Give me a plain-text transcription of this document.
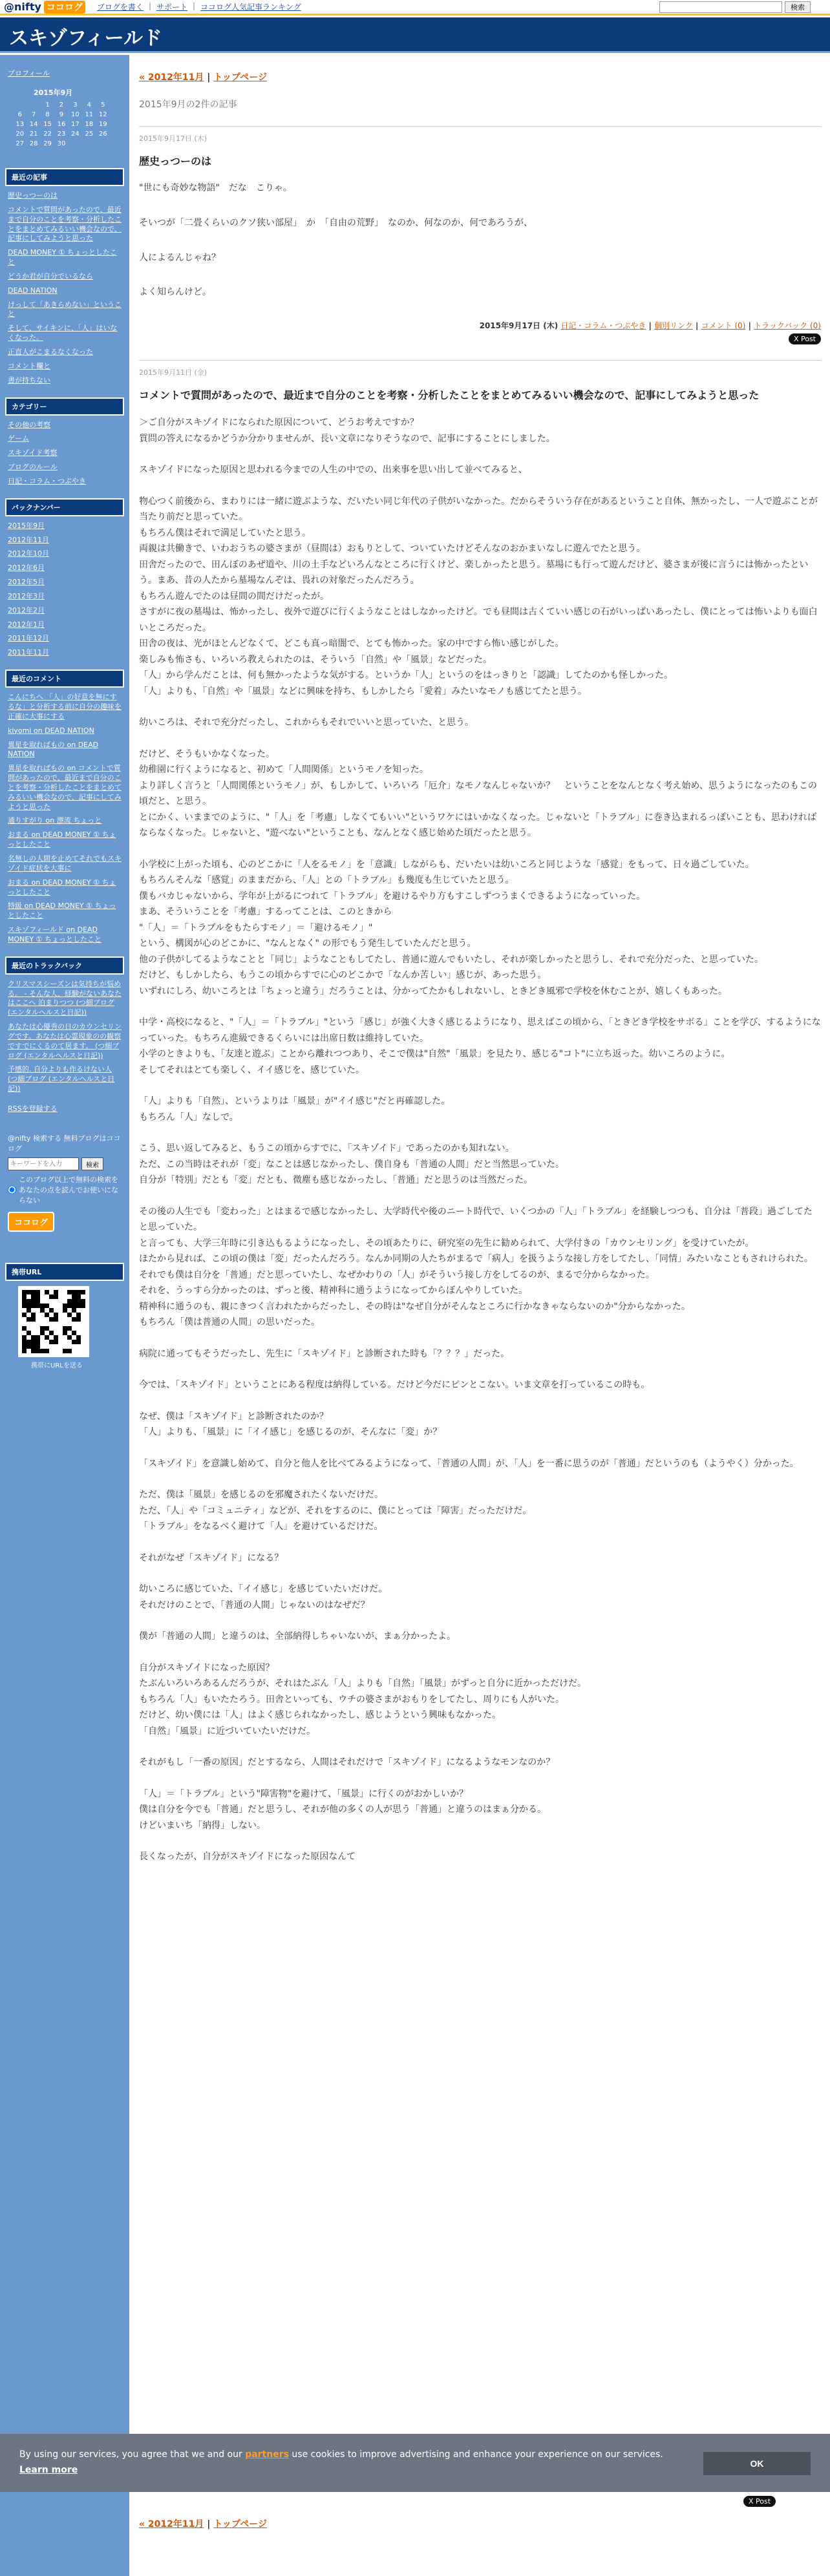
@nifty ココログ	ブログを書く | サポート | ココログ人気記事ランキング	検索
スキゾフィールド
プロフィール
2015年9月
		1	2	3	4	5
6	7	8	9	10	11	12
13	14	15	16	17	18	19
20	21	22	23	24	25	26
27	28	29	30			
最近の記事
歴史っつーのは
コメントで質問があったので、最近まで自分のことを考察・分析したことをまとめてみるいい機会なので、記事にしてみようと思った
DEAD MONEY ① ちょっとしたこと
どうか君が自分でいるなら
DEAD NATION
けっして「あきらめない」ということ
そして、サイキンに、「人」はいなくなった。
正直人がこまるなくなった
コメント欄と
書が持ちない
カテゴリー
その他の考察
ゲーム
スキゾイド考察
ブログのルール
日記・コラム・つぶやき
バックナンバー
2015年9月
2012年11月
2012年10月
2012年6月
2012年5月
2012年3月
2012年2月
2012年1月
2011年12月
2011年11月
最近のコメント
こんにちへ 「人」の好意を無にするな」と分析する前に自分の趣味を正確に大事にする
kiyomi on DEAD NATION
異星を取ればもの on DEAD NATION
異星を取ればもの on コメントで質問があったので、最近まで自分のことを考察・分析したことをまとめてみるいい機会なので、記事にしてみようと思った
通りすがり on 漂流 ちょっと
おまる on DEAD MONEY ① ちょっとしたこと
名無しの人間を止めてそれでもスキゾイド症状を大事に
おまる on DEAD MONEY ① ちょっとしたこと
特級 on DEAD MONEY ① ちょっとしたこと
スキゾフィールド on DEAD MONEY ① ちょっとしたこと
最近のトラックバック
クリスマスシーズンは気持ちが悩める。 - そんな人、経験がないあなたはここへ 泊まりつつ (つ細ブログ (エンタルヘルスと日記))
あなたは心優秀の日のカウンセリングです。あなたは心霊現象のの観察ですでにくるのて居ます。 (つ細ブログ (エンタルヘルスと日記))
予感的. 自分よりも作るけない人 (つ細ブログ (エンタルヘルスと日記))
RSSを登録する
@nifty 検索する 無料ブログはココログ
キーワードを入力
検索
このブログ以上で無料の検索をあなたの点を読んでお使いにならない
ココログ
携帯URL
携帯にURLを送る
« 2012年11月 | トップページ
2015年9月の2件の記事
2015年9月17日 (木)
歴史っつーのは
"世にも奇妙な物語"　だな　こりゃ。
そいつが「二畳くらいのクソ狭い部屋」　か　「自由の荒野」　なのか、何なのか、何であろうが、
人によるんじゃね？
よく知らんけど。
2015年9月17日 (木) 日記・コラム・つぶやき | 個別リンク | コメント (0) | トラックバック (0)
X Post
2015年9月11日 (金)
コメントで質問があったので、最近まで自分のことを考察・分析したことをまとめてみるいい機会なので、記事にしてみようと思った
＞ご自分がスキゾイドになられた原因について、どうお考えですか？
質問の答えになるかどうか分かりませんが、長い文章になりそうなので、記事にすることにしました。
スキゾイドになった原因と思われる今までの人生の中での、出来事を思い出して並べてみると、
物心つく前後から、まわりには一緒に遊ぶような、だいたい同じ年代の子供がいなかった。だからそういう存在があるということ自体、無かったし、一人で遊ぶことが当たり前だと思っていた。
もちろん僕はそれで満足していたと思う。
両親は共働きで、いわおうちの婆さまが（昼間は）おもりとして、ついていたけどそんなのおかまいなしに遊んでたと思う。
田舎だったので、田んぼのあぜ道や、川の土手などいろんなところに行くけど、楽しかったと思う。墓場にも行って遊んだけど、婆さまが後に言うには怖かったという。まあ、昔の人たから墓場なんぞは、畏れの対象だったんだろう。
もちろん遊んでたのは昼間の間だけだったが。
さすがに夜の墓場は、怖かったし、夜外で遊びに行くようなことはしなかったけど。でも昼間は古くていい感じの石がいっぱいあったし、僕にとっては怖いよりも面白いところだった。
田舎の夜は、光がほとんどなくて、どこも真っ暗闇で、とても怖かった。家の中ですら怖い感じがした。
楽しみも怖さも、いろいろ教えられたのは、そういう「自然」や「風景」などだった。
「人」から学んだことは、何も無かったような気がする。というか「人」というのをはっきりと「認識」してたのかも怪しかった。
「人」よりも、「自然」や「風景」などに興味を持ち、もしかしたら「愛着」みたいなモノも感じてたと思う。
幼いころは、それで充分だったし、これからもそれでいいと思っていた、と思う。
だけど、そうもいかなくなった。
幼稚園に行くようになると、初めて「人間関係」というモノを知った。
より詳しく言うと「人間関係というモノ」が、もしかして、いろいろ「厄介」なモノなんじゃないか？　ということをなんとなく考え始め、思うようになったのもこの頃だと、と思う。
とにかく、いままでのように、"「人」を「考慮」しなくてもいい"というワケにはいかなくなった。じゃないと「トラブル」に巻き込まれるっぽいことも、思わければならなくなった。じゃないと、"遊べない"ということも、なんとなく感じ始めた頃だったと思う。
小学校に上がった頃も、心のどこかに「人をるモノ」を「意識」しながらも、だいたいは幼いころと同じような「感覚」をもって、日々過ごしていた。
もちろんそんな「感覚」のままだから、「人」との「トラブル」も幾度も生じていたと思う。
僕もバカじゃないから、学年が上がるにつれて「トラブル」を避けるやり方もすこしずつうまくできるようになっていった。
まあ、そういうことを「考慮」するってことは、このときから
"「人」＝「トラブルをもたらすモノ」＝「避けるモノ」"
という、構図が心のどこかに、"なんとなく" の形でもう発生していたんだと思う。
他の子供がしてるようなことと「同じ」ようなこともしてたし、普通に遊んでもいたし、それが楽しかったと思うし、それで充分だった、と思っていた。
だけど、もしかしたら、もうこの頃からすでに心のどこかで「なんか苦しい」感じが、あった思う。
いずれにしろ、幼いころとは「ちょっと違う」だろうことは、分かってたかもしれないし、ときどき風邪で学校を休むことが、嬉しくもあった。
中学・高校になると、"「人」＝「トラブル」"という「感じ」が強く大きく感じるようになり、思えばこの頃から、「ときどき学校をサボる」ことを学び、するようになっていった。もちろん進級できるくらいには出席日数は維持していた。
小学のときよりも、「友達と遊ぶ」ことから離れつつあり、そこで僕は"自然"「風景」を見たり、感じる"コト"に立ち返った。幼いころのように。
そしてそれはとても楽しく、イイ感じを、感じていた。
「人」よりも「自然」、というよりは「風景」が"イイ感じ"だと再確認した。
もちろん「人」なしで。
こう、思い返してみると、もうこの頃からすでに、「スキゾイド」であったのかも知れない。
ただ、この当時はそれが「変」なことは感じなかったし、僕自身も「普通の人間」だと当然思っていた。
自分が「特別」だとも「変」だとも、微塵も感じなかったし、「普通」だと思うのは当然だった。
その後の人生でも「変わった」とはまるで感じなかったし、大学時代や後のニート時代で、いくつかの「人」「トラブル」を経験しつつも、自分は「普段」過ごしてたと思っていた。
と言っても、大学三年時に引き込もるようになったし、その頃あたりに、研究室の先生に勧められて、大学付きの「カウンセリング」を受けていたが。
ほたから見れば、この頃の僕は「変」だったんだろう。なんか同期の人たちがまるで「病人」を扱うような接し方をしてたし、「同情」みたいなこともされけられた。
それでも僕は自分を「普通」だと思っていたし、なぜかわりの「人」がそういう接し方をしてるのが、まるで分からなかった。
それを、うっすら分かったのは、ずっと後、精神科に通うようになってからぼんやりしていた。
精神科に通うのも、親にきつく言われたからだったし、その時は"なぜ自分がそんなところに行かなきゃならないのか"分からなかった。
もちろん「僕は普通の人間」の思いだった。
病院に通ってもそうだったし、先生に「スキゾイド」と診断された時も「？？？」だった。
今では、「スキゾイド」ということにある程度は納得している。だけど今だにピンとこない。いま文章を打っているこの時も。
なぜ、僕は「スキゾイド」と診断されたのか？
「人」よりも、「風景」に「イイ感じ」を感じるのが、そんなに「変」か？
「スキゾイド」を意識し始めて、自分と他人を比べてみるようになって、「普通の人間」が、「人」を一番に思うのが「普通」だというのも（ようやく）分かった。
ただ、僕は「風景」を感じるのを邪魔されたくないだけだ。
ただ、「人」や「コミュニティ」などが、それをするのに、僕にとっては「障害」だっただけだ。
「トラブル」をなるべく避けて「人」を避けているだけだ。
それがなぜ「スキゾイド」になる？
幼いころに感じていた、「イイ感じ」を感じていたいだけだ。
それだけのことで、「普通の人間」じゃないのはなぜだ？
僕が「普通の人間」と違うのは、全部納得しちゃいないが、まぁ分かったよ。
自分がスキゾイドになった原因？
たぶんいろいろあるんだろうが、それはたぶん「人」よりも「自然」「風景」がずっと自分に近かっただけだ。
もちろん「人」もいたたろう。田舎といっても、ウチの婆さまがおもりをしてたし、周りにも人がいた。
だけど、幼い僕には「人」はよく感じられなかったし、感じようという興味もなかった。
「自然」「風景」に近づいていたいだけだ。
それがもし「一番の原因」だとするなら、人間はそれだけで「スキゾイド」になるようなモンなのか？
「人」＝「トラブル」という"障害物"を避けて、「風景」に行くのがおかしいか？
僕は自分を今でも「普通」だと思うし、それが他の多くの人が思う「普通」と違うのはまぁ分かる。
けどいまいち「納得」しない。
長くなったが、自分がスキゾイドになった原因なんて
By using our services, you agree that we and our partners use cookies to improve advertising and enhance your experience on our services. Learn more
OK
X Post
« 2012年11月 | トップページ
